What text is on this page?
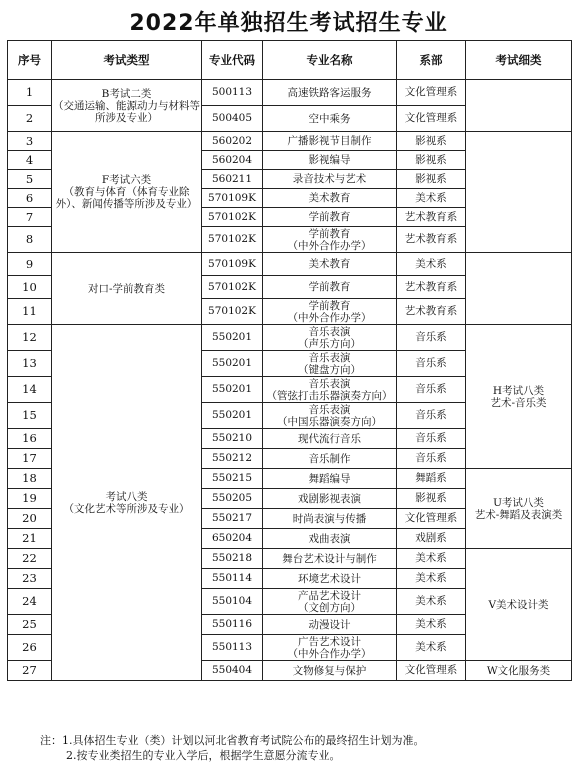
2022年单独招生考试招生专业
序号	考试类型	专业代码	专业名称	系部	考试细类
1	B考试二类
（交通运输、能源动力与材料等所涉及专业）	500113	高速铁路客运服务	文化管理系	
2		500405	空中乘务	文化管理系	
3	F考试六类
（教育与体育（体育专业除外）、新闻传播等所涉及专业）	560202	广播影视节目制作	影视系	
4		560204	影视编导	影视系	
5		560211	录音技术与艺术	影视系	
6		570109K	美术教育	美术系	
7		570102K	学前教育	艺术教育系	
8		570102K	学前教育
（中外合作办学）	艺术教育系	
9	对口-学前教育类	570109K	美术教育	美术系	
10		570102K	学前教育	艺术教育系	
11		570102K	学前教育
（中外合作办学）	艺术教育系	
12	考试八类
（文化艺术等所涉及专业）	550201	音乐表演
（声乐方向）	音乐系	H考试八类
艺术-音乐类
13		550201	音乐表演
（键盘方向）	音乐系	
14		550201	音乐表演
（管弦打击乐器演奏方向）	音乐系	
15		550201	音乐表演
（中国乐器演奏方向）	音乐系	
16		550210	现代流行音乐	音乐系	
17		550212	音乐制作	音乐系	
18		550215	舞蹈编导	舞蹈系	U考试八类
艺术-舞蹈及表演类
19		550205	戏剧影视表演	影视系	
20		550217	时尚表演与传播	文化管理系	
21		650204	戏曲表演	戏剧系	
22		550218	舞台艺术设计与制作	美术系	V美术设计类
23		550114	环境艺术设计	美术系	
24		550104	产品艺术设计
（文创方向）	美术系	
25		550116	动漫设计	美术系	
26		550113	广告艺术设计
（中外合作办学）	美术系	
27		550404	文物修复与保护	文化管理系	W文化服务类
注：1.具体招生专业（类）计划以河北省教育考试院公布的最终招生计划为准。
2.按专业类招生的专业入学后，根据学生意愿分流专业。
